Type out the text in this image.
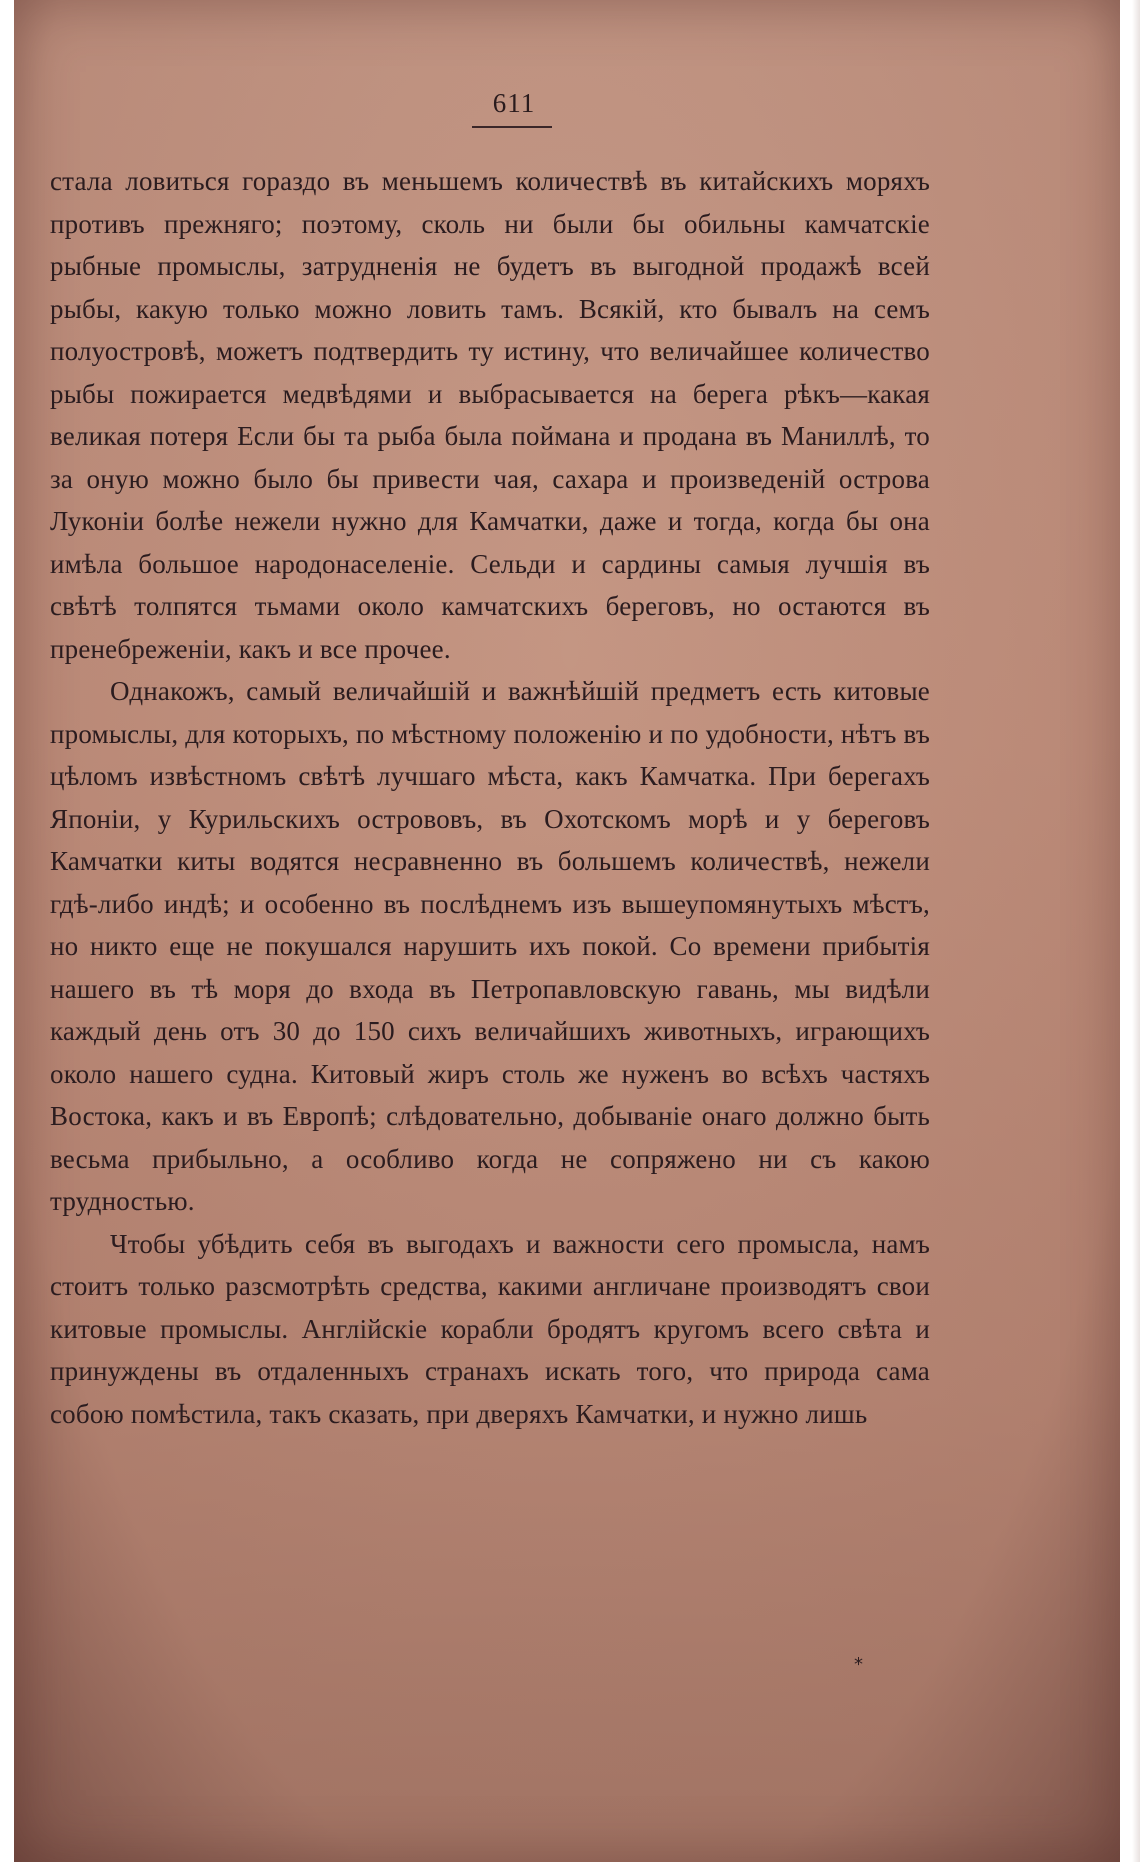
611

стала ловиться гораздо въ меньшемъ количествѣ въ китайскихъ моряхъ противъ прежняго; поэтому, сколь ни были бы обильны камчатскіе рыбные промыслы, затрудненія не будетъ въ выгодной продажѣ всей рыбы, какую только можно ловить тамъ. Всякій, кто бывалъ на семъ полуостровѣ, можетъ подтвердить ту истину, что величайшее количество рыбы пожирается медвѣдями и выбрасывается на берега рѣкъ—какая великая потеря Если бы та рыба была поймана и продана въ Маниллѣ, то за оную можно было бы привести чая, сахара и произведеній острова Луконіи болѣе нежели нужно для Камчатки, даже и тогда, когда бы она имѣла большое народонаселеніе. Сельди и сардины самыя лучшія въ свѣтѣ толпятся тьмами около камчатскихъ береговъ, но остаются въ пренебреженіи, какъ и все прочее.

Однакожъ, самый величайшій и важнѣйшій предметъ есть китовые промыслы, для которыхъ, по мѣстному положенію и по удобности, нѣтъ въ цѣломъ извѣстномъ свѣтѣ лучшаго мѣста, какъ Камчатка. При берегахъ Японіи, у Курильскихъ острововъ, въ Охотскомъ морѣ и у береговъ Камчатки киты водятся несравненно въ большемъ количествѣ, нежели гдѣ-либо индѣ; и особенно въ послѣднемъ изъ вышеупомянутыхъ мѣстъ, но никто еще не покушался нарушить ихъ покой. Со времени прибытія нашего въ тѣ моря до входа въ Петропавловскую гавань, мы видѣли каждый день отъ 30 до 150 сихъ величайшихъ животныхъ, играющихъ около нашего судна. Китовый жиръ столь же нуженъ во всѣхъ частяхъ Востока, какъ и въ Европѣ; слѣдовательно, добываніе онаго должно быть весьма прибыльно, а особливо когда не сопряжено ни съ какою трудностью.

Чтобы убѣдить себя въ выгодахъ и важности сего промысла, намъ стоитъ только разсмотрѣть средства, какими англичане производятъ свои китовые промыслы. Англійскіе корабли бродятъ кругомъ всего свѣта и принуждены въ отдаленныхъ странахъ искать того, что природа сама собою помѣстила, такъ сказать, при дверяхъ Камчатки, и нужно лишь

*
